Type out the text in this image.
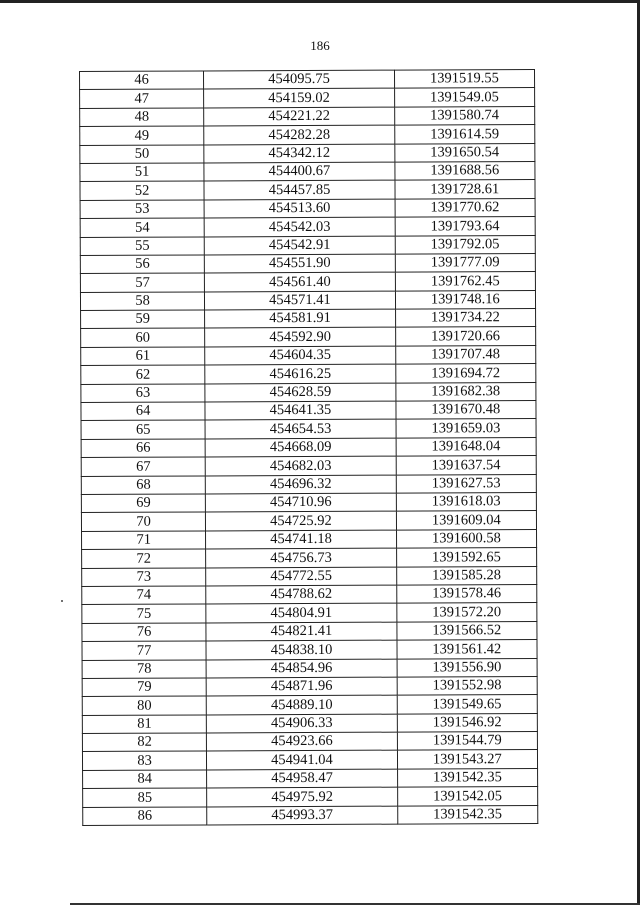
186
46	454095.75	1391519.55
47	454159.02	1391549.05
48	454221.22	1391580.74
49	454282.28	1391614.59
50	454342.12	1391650.54
51	454400.67	1391688.56
52	454457.85	1391728.61
53	454513.60	1391770.62
54	454542.03	1391793.64
55	454542.91	1391792.05
56	454551.90	1391777.09
57	454561.40	1391762.45
58	454571.41	1391748.16
59	454581.91	1391734.22
60	454592.90	1391720.66
61	454604.35	1391707.48
62	454616.25	1391694.72
63	454628.59	1391682.38
64	454641.35	1391670.48
65	454654.53	1391659.03
66	454668.09	1391648.04
67	454682.03	1391637.54
68	454696.32	1391627.53
69	454710.96	1391618.03
70	454725.92	1391609.04
71	454741.18	1391600.58
72	454756.73	1391592.65
73	454772.55	1391585.28
74	454788.62	1391578.46
75	454804.91	1391572.20
76	454821.41	1391566.52
77	454838.10	1391561.42
78	454854.96	1391556.90
79	454871.96	1391552.98
80	454889.10	1391549.65
81	454906.33	1391546.92
82	454923.66	1391544.79
83	454941.04	1391543.27
84	454958.47	1391542.35
85	454975.92	1391542.05
86	454993.37	1391542.35
